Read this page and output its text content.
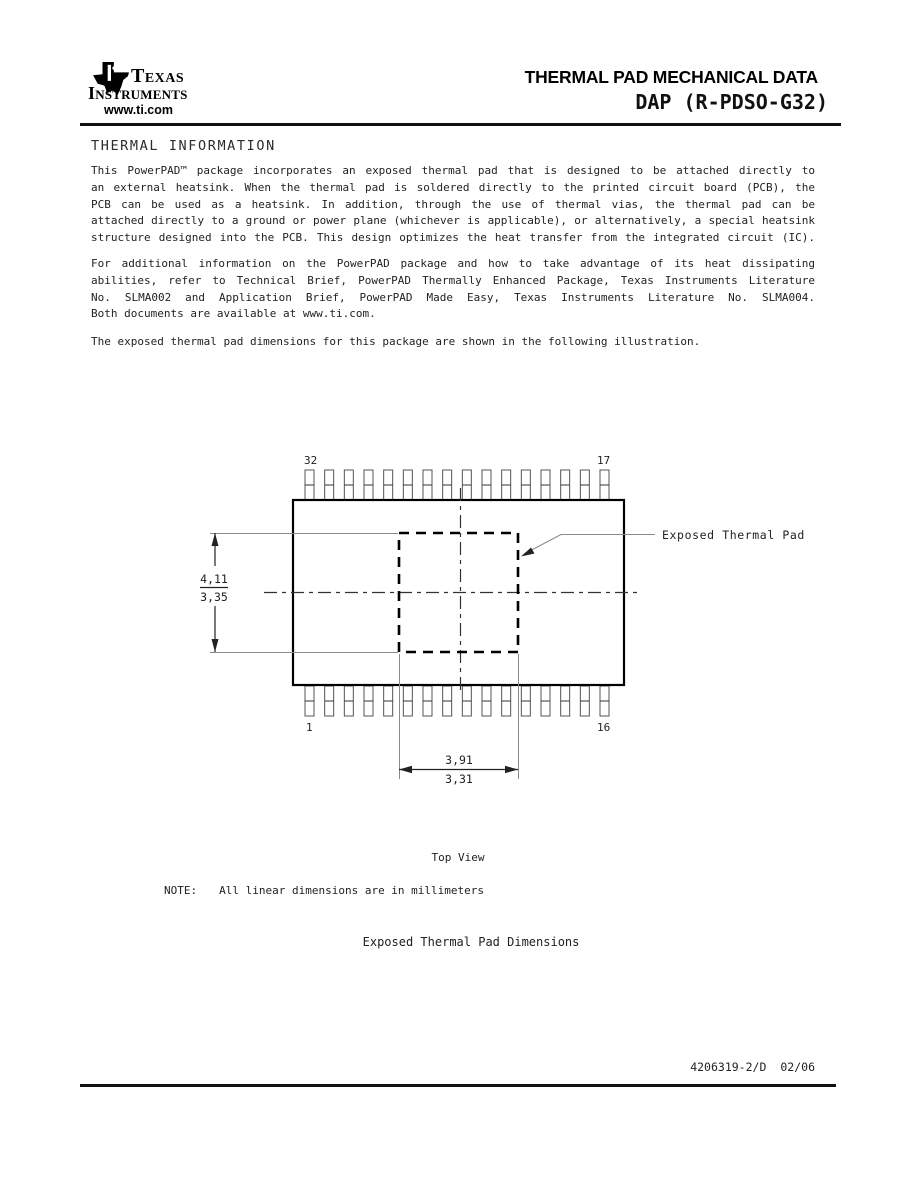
Texas
Instruments
www.ti.com
THERMAL PAD MECHANICAL DATA
DAP (R-PDSO-G32)
THERMAL INFORMATION
This PowerPAD™ package incorporates an exposed thermal pad that is designed to be attached directly to
an external heatsink. When the thermal pad is soldered directly to the printed circuit board (PCB), the
PCB can be used as a heatsink. In addition, through the use of thermal vias, the thermal pad can be
attached directly to a ground or power plane (whichever is applicable), or alternatively, a special heatsink
structure designed into the PCB. This design optimizes the heat transfer from the integrated circuit (IC).
For additional information on the PowerPAD package and how to take advantage of its heat dissipating
abilities, refer to Technical Brief, PowerPAD Thermally Enhanced Package, Texas Instruments Literature
No. SLMA002 and Application Brief, PowerPAD Made Easy, Texas Instruments Literature No. SLMA004.
Both documents are available at www.ti.com.
The exposed thermal pad dimensions for this package are shown in the following illustration.
4,11
3,35
3,91
3,31
Exposed Thermal Pad
32	17
1	16
Top View
NOTE: All linear dimensions are in millimeters
Exposed Thermal Pad Dimensions
4206319-2/D 02/06
